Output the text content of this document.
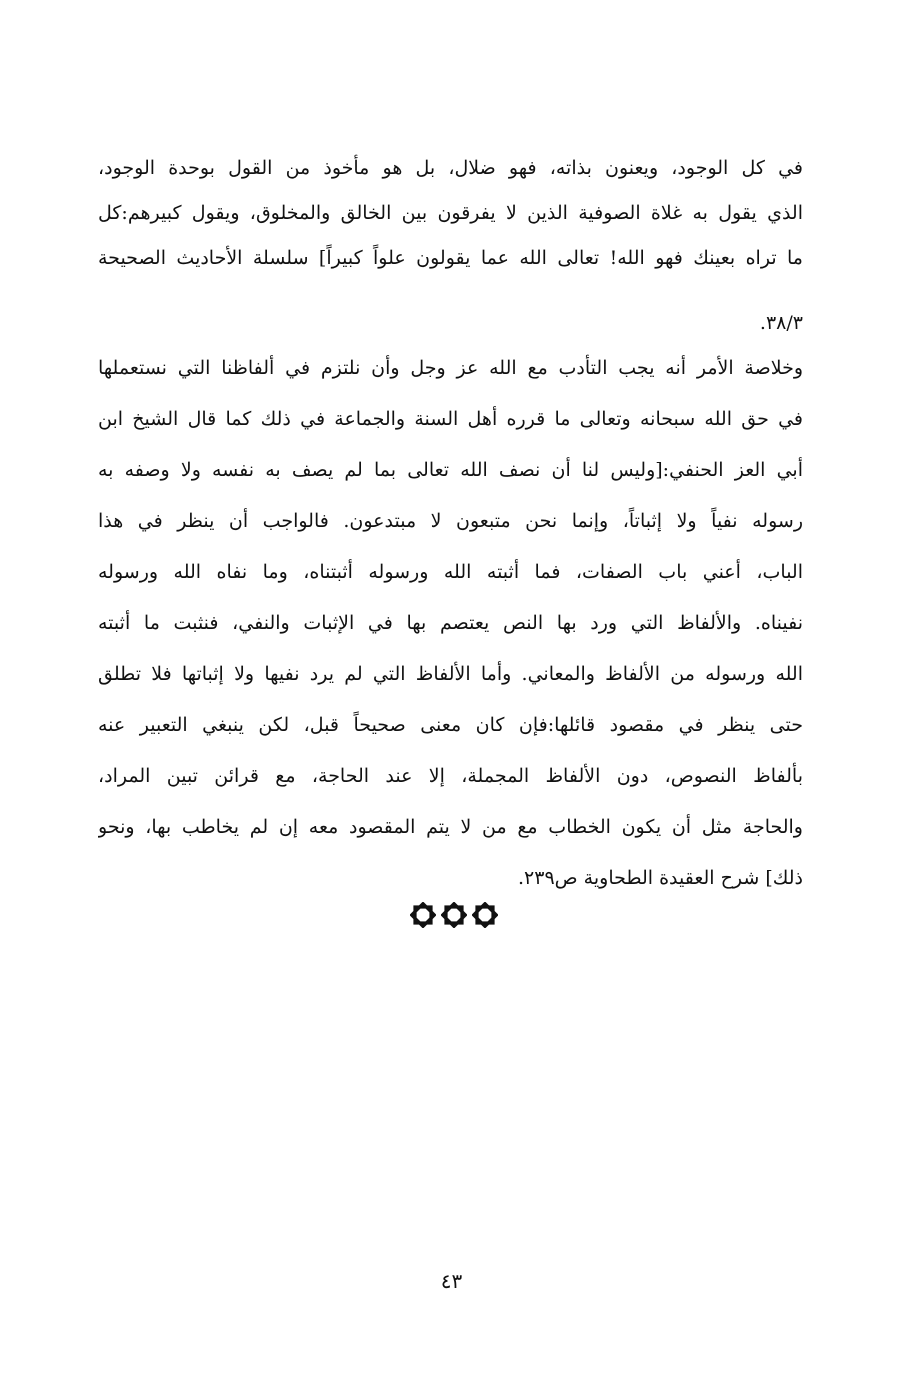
في كل الوجود، ويعنون بذاته، فهو ضلال، بل هو مأخوذ من القول بوحدة الوجود،
الذي يقول به غلاة الصوفية الذين لا يفرقون بين الخالق والمخلوق، ويقول كبيرهم:كل
ما تراه بعينك فهو الله! تعالى الله عما يقولون علواً كبيراً] سلسلة الأحاديث الصحيحة
٣٨/٣.
وخلاصة الأمر أنه يجب التأدب مع الله عز وجل وأن نلتزم في ألفاظنا التي نستعملها
في حق الله سبحانه وتعالى ما قرره أهل السنة والجماعة في ذلك كما قال الشيخ ابن
أبي العز الحنفي:[وليس لنا أن نصف الله تعالى بما لم يصف به نفسه ولا وصفه به
رسوله نفياً ولا إثباتاً، وإنما نحن متبعون لا مبتدعون. فالواجب أن ينظر في هذا
الباب، أعني باب الصفات، فما أثبته الله ورسوله أثبتناه، وما نفاه الله ورسوله
نفيناه. والألفاظ التي ورد بها النص يعتصم بها في الإثبات والنفي، فنثبت ما أثبته
الله ورسوله من الألفاظ والمعاني. وأما الألفاظ التي لم يرد نفيها ولا إثباتها فلا تطلق
حتى ينظر في مقصود قائلها:فإن كان معنى صحيحاً قبل، لكن ينبغي التعبير عنه
بألفاظ النصوص، دون الألفاظ المجملة، إلا عند الحاجة، مع قرائن تبين المراد،
والحاجة مثل أن يكون الخطاب مع من لا يتم المقصود معه إن لم يخاطب بها، ونحو
ذلك] شرح العقيدة الطحاوية ص٢٣٩.
٤٣
